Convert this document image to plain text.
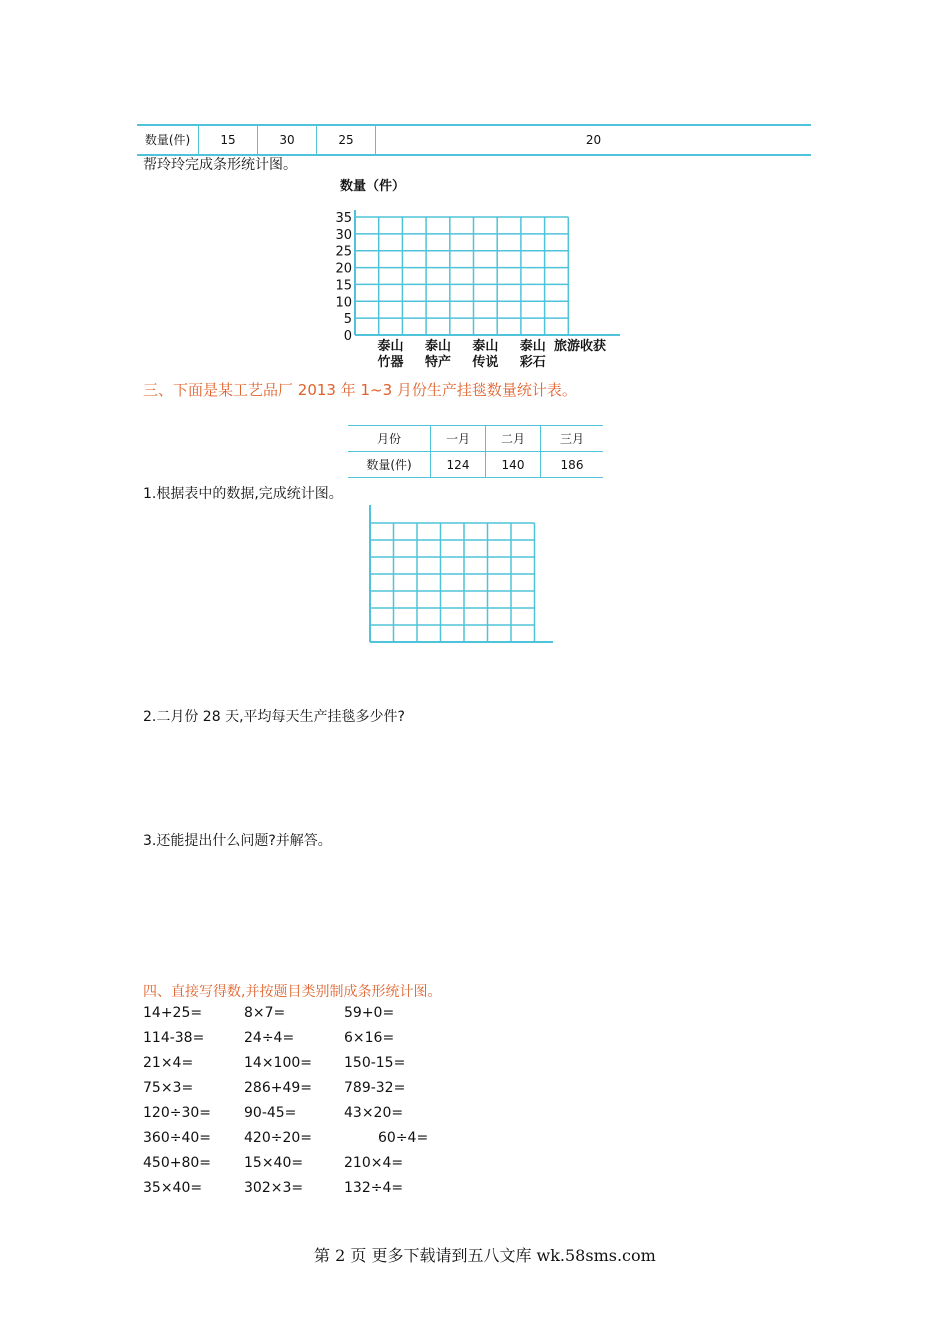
数量(件)	15	30	25	20
帮玲玲完成条形统计图。
数量（件）
35
30
25
20
15
10
5
0
泰山
竹器
泰山
特产
泰山
传说
泰山
彩石
旅游收获
三、下面是某工艺品厂 2013 年 1~3 月份生产挂毯数量统计表。
月份	一月	二月	三月
数量(件)	124	140	186
1.根据表中的数据,完成统计图。
2.二月份 28 天,平均每天生产挂毯多少件?
3.还能提出什么问题?并解答。
四、直接写得数,并按题目类别制成条形统计图。
14+25=
114-38=
21×4=
75×3=
120÷30=
360÷40=
450+80=
35×40=
8×7=
24÷4=
14×100=
286+49=
90-45=
420÷20=
15×40=
302×3=
59+0=
6×16=
150-15=
789-32=
43×20=
60÷4=
210×4=
132÷4=
第 2 页 更多下载请到五八文库 wk.58sms.com
